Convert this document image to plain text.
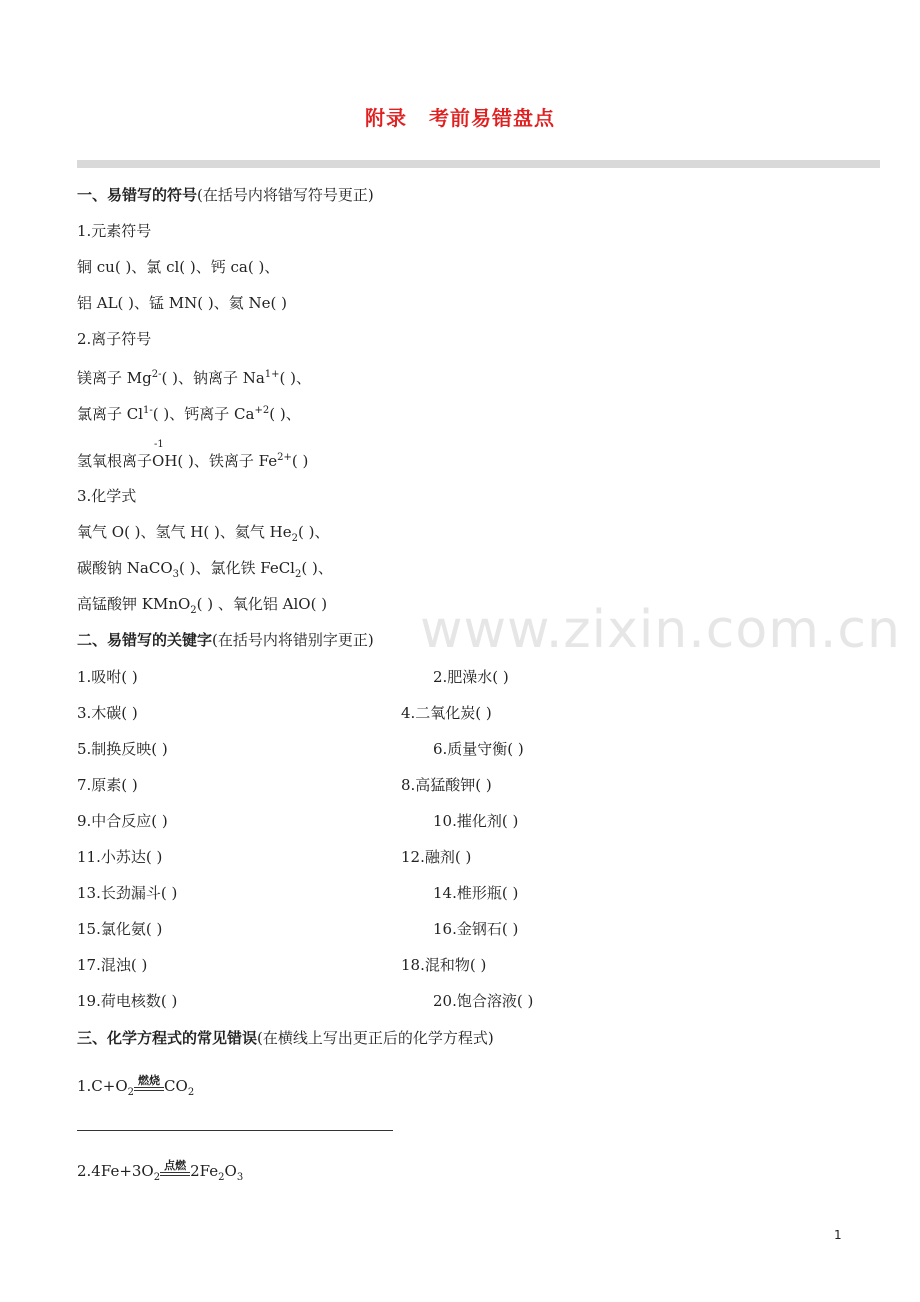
www.zixin.com.cn
附录 考前易错盘点
一、易错写的符号(在括号内将错写符号更正)
1.元素符号
铜 cu( )、氯 cl( )、钙 ca( )、
铝 AL( )、锰 MN( )、氦 Ne( )
2.离子符号
镁离子 $Mg^{2-}$( )、钠离子 $Na^{1+}$( )、
氯离子 $Cl^{1-}$( )、钙离子 $Ca^{+2}$( )、
氢氧根离子
-1
OH( )、铁离子 $Fe^{2+}$( )
3.化学式
氧气 O( )、氢气 H( )、氦气 $He_2$( )、
碳酸钠 NaCO$_3$( )、氯化铁 FeCl$_2$( )、
高锰酸钾 KMnO$_2$( ) 、氧化铝 AlO( )
二、易错写的关键字(在括号内将错别字更正)
1.吸咐( )	2.肥澡水( )
3.木碳( )	4.二氧化炭( )
5.制换反映( )	6.质量守衡( )
7.原素( )	8.高猛酸钾( )
9.中合反应( )	10.摧化剂( )
11.小苏达( )	12.融剂( )
13.长劲漏斗( )	14.椎形瓶( )
15.氯化氨( )	16.金钢石( )
17.混浊( )	18.混和物( )
19.荷电核数( )	20.饱合溶液( )
三、化学方程式的常见错误(在横线上写出更正后的化学方程式)
$1.C+O_2$
燃烧 $CO_2$
$2.4Fe+3O_2$
点燃 $2Fe_2O_3$
1
